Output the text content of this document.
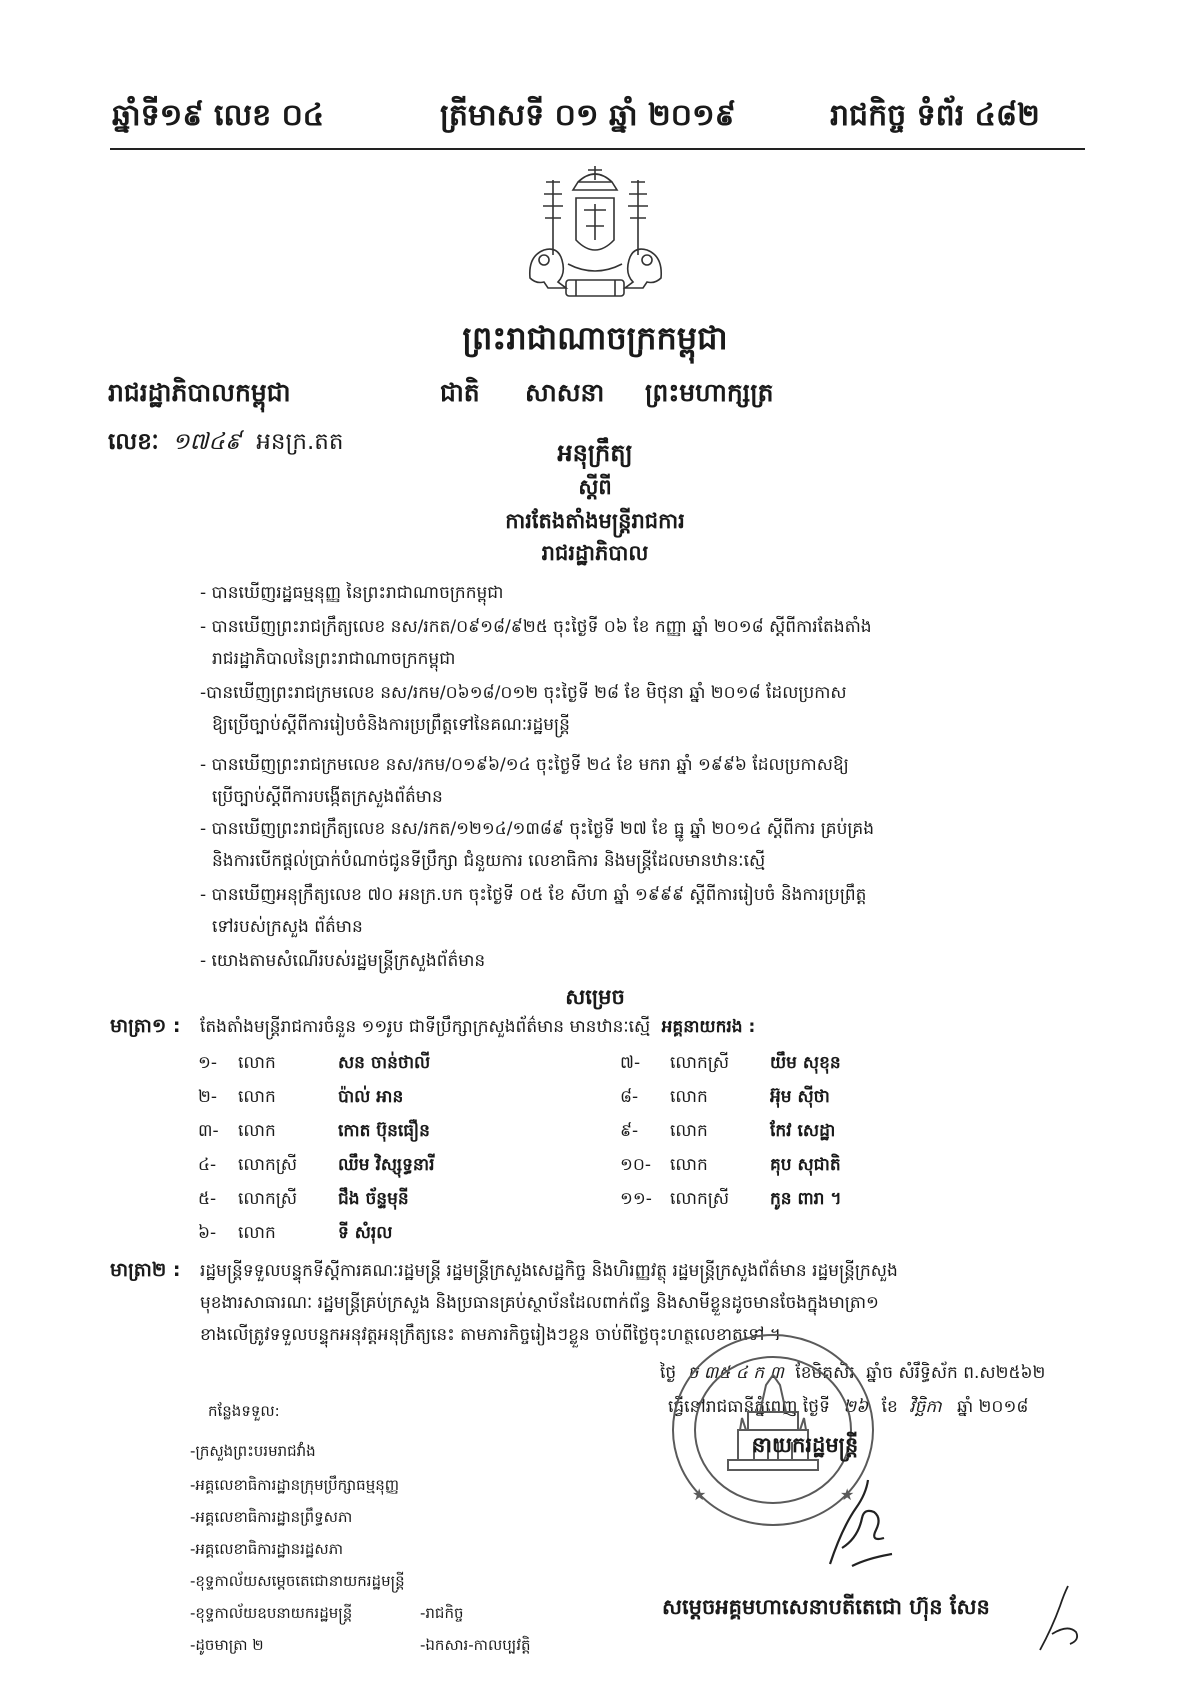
ឆ្នាំទី១៩ លេខ ០៤	ត្រីមាសទី ០១ ឆ្នាំ ២០១៩	រាជកិច្ច ទំព័រ ៤៨២
ព្រះរាជាណាចក្រកម្ពុជា
រាជរដ្ឋាភិបាលកម្ពុជា	ជាតិ សាសនា ព្រះមហាក្សត្រ
លេខៈ ១៧៤៩ អនក្រ.តត	អនុក្រឹត្យ
ស្ដីពី
ការតែងតាំងមន្ត្រីរាជការ
រាជរដ្ឋាភិបាល
- បានឃើញរដ្ឋធម្មនុញ្ញ នៃព្រះរាជាណាចក្រកម្ពុជា
- បានឃើញព្រះរាជក្រឹត្យលេខ នស/រកត/០៩១៨/៩២៥ ចុះថ្ងៃទី ០៦ ខែ កញ្ញា ឆ្នាំ ២០១៨ ស្ដីពីការតែងតាំង
រាជរដ្ឋាភិបាលនៃព្រះរាជាណាចក្រកម្ពុជា
-បានឃើញព្រះរាជក្រមលេខ នស/រកម/០៦១៨/០១២ ចុះថ្ងៃទី ២៨ ខែ មិថុនា ឆ្នាំ ២០១៨ ដែលប្រកាស
ឱ្យប្រើច្បាប់ស្ដីពីការរៀបចំនិងការប្រព្រឹត្តទៅនៃគណៈរដ្ឋមន្ត្រី
- បានឃើញព្រះរាជក្រមលេខ នស/រកម/០១៩៦/១៤ ចុះថ្ងៃទី ២៤ ខែ មករា ឆ្នាំ ១៩៩៦ ដែលប្រកាសឱ្យ
ប្រើច្បាប់ស្ដីពីការបង្កើតក្រសួងព័ត៌មាន
- បានឃើញព្រះរាជក្រឹត្យលេខ នស/រកត/១២១៤/១៣៨៩ ចុះថ្ងៃទី ២៧ ខែ ធ្នូ ឆ្នាំ ២០១៤ ស្ដីពីការ គ្រប់គ្រង
និងការបើកផ្ដល់ប្រាក់បំណាច់ជូនទីប្រឹក្សា ជំនួយការ លេខាធិការ និងមន្ត្រីដែលមានឋានៈស្មើ
- បានឃើញអនុក្រឹត្យលេខ ៧០ អនក្រ.បក ចុះថ្ងៃទី ០៥ ខែ សីហា ឆ្នាំ ១៩៩៩ ស្ដីពីការរៀបចំ និងការប្រព្រឹត្ត
ទៅរបស់ក្រសួង ព័ត៌មាន
- យោងតាមសំណើរបស់រដ្ឋមន្ត្រីក្រសួងព័ត៌មាន
សម្រេច
មាត្រា១ : តែងតាំងមន្ត្រីរាជការចំនួន ១១រូប ជាទីប្រឹក្សាក្រសួងព័ត៌មាន មានឋានៈស្មើ អគ្គនាយករង :
១- លោក	សន ចាន់ថាលី
២- លោក	ប៉ាល់ អាន
៣- លោក	កោត ប៊ុនធឿន
៤- លោកស្រី ឈឹម វិស្សុទ្ធនារី
៥- លោកស្រី ជឹង ច័ន្ទមុនី
៦- លោក	ទី សំរុល
៧- លោកស្រី យឹម សុខុន
៨- លោក	អ៊ុម ស៊ីថា
៩- លោក	កែវ សេដ្ឋា
១០- លោក	គុប សុជាតិ
១១- លោកស្រី កូន ពារា ។
មាត្រា២ : រដ្ឋមន្ត្រីទទួលបន្ទុកទីស្ដីការគណៈរដ្ឋមន្ត្រី រដ្ឋមន្ត្រីក្រសួងសេដ្ឋកិច្ច និងហិរញ្ញវត្ថុ រដ្ឋមន្ត្រីក្រសួងព័ត៌មាន រដ្ឋមន្ត្រីក្រសួង
មុខងារសាធារណៈ រដ្ឋមន្ត្រីគ្រប់ក្រសួង និងប្រធានគ្រប់ស្ថាប័នដែលពាក់ព័ន្ធ និងសាមីខ្លួនដូចមានចែងក្នុងមាត្រា១
ខាងលើត្រូវទទួលបន្ទុកអនុវត្តអនុក្រឹត្យនេះ តាមភារកិច្ចរៀងៗខ្លួន ចាប់ពីថ្ងៃចុះហត្ថលេខាតទៅ ។
ថ្ងៃ ច ៣៥ ៤ ក ៣ ខែមិគសិរ ឆ្នាំច សំរឹទ្ធិស័ក ព.ស២៥៦២
ធ្វើនៅរាជធានីភ្នំពេញ ថ្ងៃទី ២៦ ខែ វិច្ឆិកា ឆ្នាំ ២០១៨
★	★
នាយករដ្ឋមន្ត្រី
សម្ដេចអគ្គមហាសេនាបតីតេជោ ហ៊ុន សែន
កន្លែងទទួល:
-ក្រសួងព្រះបរមរាជវាំង
-អគ្គលេខាធិការដ្ឋានក្រុមប្រឹក្សាធម្មនុញ្ញ
-អគ្គលេខាធិការដ្ឋានព្រឹទ្ធសភា
-អគ្គលេខាធិការដ្ឋានរដ្ឋសភា
-ខុទ្ទកាល័យសម្ដេចតេជោនាយករដ្ឋមន្ត្រី
-ខុទ្ទកាល័យឧបនាយករដ្ឋមន្ត្រី
-ដូចមាត្រា ២
-រាជកិច្ច
-ឯកសារ-កាលប្បវត្តិ
